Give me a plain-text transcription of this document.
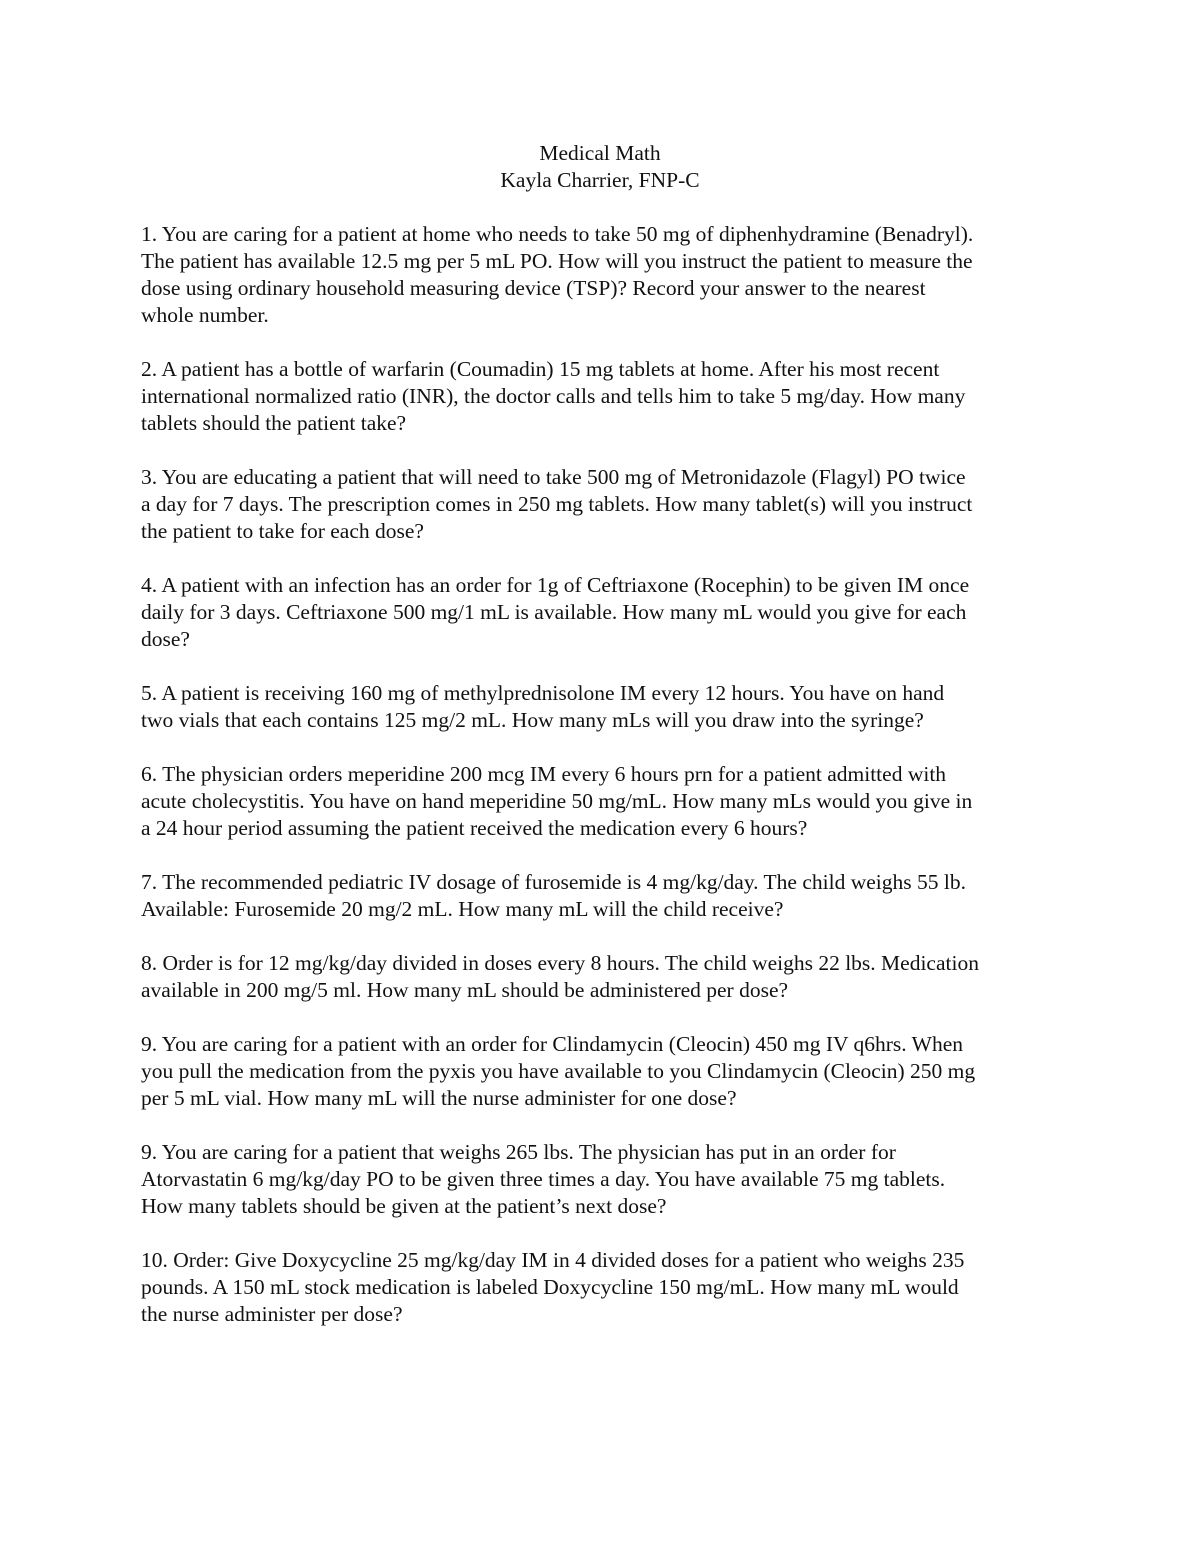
Medical Math
Kayla Charrier, FNP-C
1. You are caring for a patient at home who needs to take 50 mg of diphenhydramine (Benadryl).
The patient has available 12.5 mg per 5 mL PO. How will you instruct the patient to measure the
dose using ordinary household measuring device (TSP)? Record your answer to the nearest
whole number.
2. A patient has a bottle of warfarin (Coumadin) 15 mg tablets at home. After his most recent
international normalized ratio (INR), the doctor calls and tells him to take 5 mg/day. How many
tablets should the patient take?
3. You are educating a patient that will need to take 500 mg of Metronidazole (Flagyl) PO twice
a day for 7 days. The prescription comes in 250 mg tablets. How many tablet(s) will you instruct
the patient to take for each dose?
4. A patient with an infection has an order for 1g of Ceftriaxone (Rocephin) to be given IM once
daily for 3 days. Ceftriaxone 500 mg/1 mL is available. How many mL would you give for each
dose?
5. A patient is receiving 160 mg of methylprednisolone IM every 12 hours. You have on hand
two vials that each contains 125 mg/2 mL. How many mLs will you draw into the syringe?
6. The physician orders meperidine 200 mcg IM every 6 hours prn for a patient admitted with
acute cholecystitis. You have on hand meperidine 50 mg/mL. How many mLs would you give in
a 24 hour period assuming the patient received the medication every 6 hours?
7. The recommended pediatric IV dosage of furosemide is 4 mg/kg/day. The child weighs 55 lb.
Available: Furosemide 20 mg/2 mL. How many mL will the child receive?
8. Order is for 12 mg/kg/day divided in doses every 8 hours. The child weighs 22 lbs. Medication
available in 200 mg/5 ml. How many mL should be administered per dose?
9. You are caring for a patient with an order for Clindamycin (Cleocin) 450 mg IV q6hrs. When
you pull the medication from the pyxis you have available to you Clindamycin (Cleocin) 250 mg
per 5 mL vial. How many mL will the nurse administer for one dose?
9. You are caring for a patient that weighs 265 lbs. The physician has put in an order for
Atorvastatin 6 mg/kg/day PO to be given three times a day. You have available 75 mg tablets.
How many tablets should be given at the patient’s next dose?
10. Order: Give Doxycycline 25 mg/kg/day IM in 4 divided doses for a patient who weighs 235
pounds. A 150 mL stock medication is labeled Doxycycline 150 mg/mL. How many mL would
the nurse administer per dose?
